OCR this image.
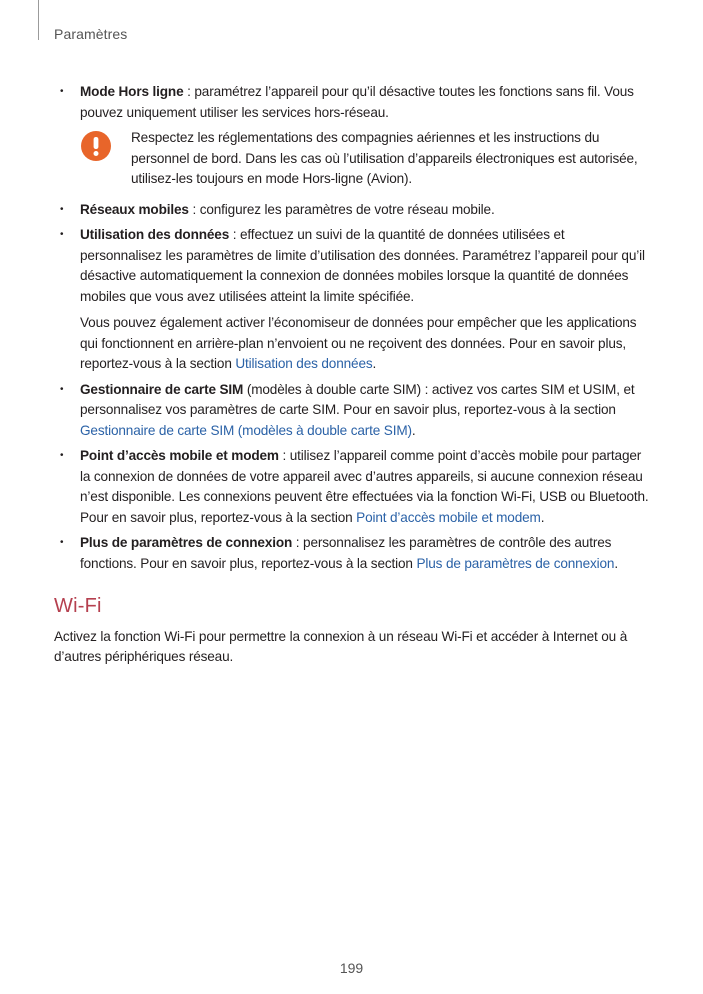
Paramètres
• Mode Hors ligne : paramétrez l’appareil pour qu’il désactive toutes les fonctions sans fil. Vous pouvez uniquement utiliser les services hors-réseau.
Respectez les réglementations des compagnies aériennes et les instructions du personnel de bord. Dans les cas où l’utilisation d’appareils électroniques est autorisée, utilisez-les toujours en mode Hors-ligne (Avion).
• Réseaux mobiles : configurez les paramètres de votre réseau mobile.
• Utilisation des données : effectuez un suivi de la quantité de données utilisées et personnalisez les paramètres de limite d’utilisation des données. Paramétrez l’appareil pour qu’il désactive automatiquement la connexion de données mobiles lorsque la quantité de données mobiles que vous avez utilisées atteint la limite spécifiée.
Vous pouvez également activer l’économiseur de données pour empêcher que les applications qui fonctionnent en arrière-plan n’envoient ou ne reçoivent des données. Pour en savoir plus, reportez-vous à la section Utilisation des données.
• Gestionnaire de carte SIM (modèles à double carte SIM) : activez vos cartes SIM et USIM, et personnalisez vos paramètres de carte SIM. Pour en savoir plus, reportez-vous à la section Gestionnaire de carte SIM (modèles à double carte SIM).
• Point d’accès mobile et modem : utilisez l’appareil comme point d’accès mobile pour partager la connexion de données de votre appareil avec d’autres appareils, si aucune connexion réseau n’est disponible. Les connexions peuvent être effectuées via la fonction Wi-Fi, USB ou Bluetooth. Pour en savoir plus, reportez-vous à la section Point d’accès mobile et modem.
• Plus de paramètres de connexion : personnalisez les paramètres de contrôle des autres fonctions. Pour en savoir plus, reportez-vous à la section Plus de paramètres de connexion.
Wi-Fi
Activez la fonction Wi-Fi pour permettre la connexion à un réseau Wi-Fi et accéder à Internet ou à d’autres périphériques réseau.
199
